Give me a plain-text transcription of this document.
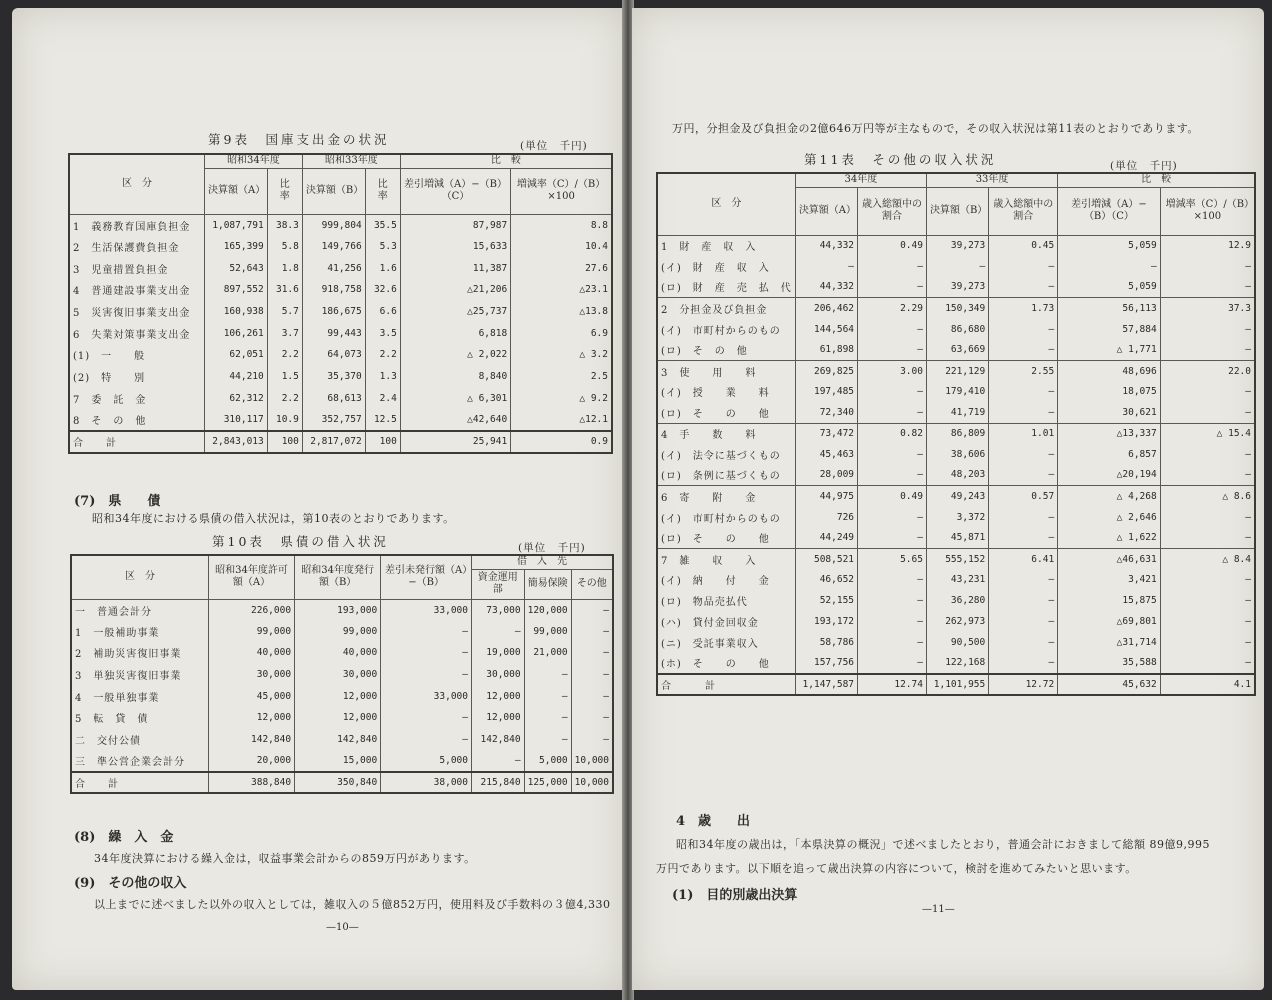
第9表　国庫支出金の状況	(単位　千円)
区　分	昭和34年度		昭和33年度		比　較	
	決算額（A）	比　率	決算額（B）	比　率	差引増減（A）−（B）（C）	増減率（C）/（B）×100
1　義務教育国庫負担金	1,087,791	38.3	999,804	35.5	87,987	8.8
2　生活保護費負担金	165,399	5.8	149,766	5.3	15,633	10.4
3　児童措置負担金	52,643	1.8	41,256	1.6	11,387	27.6
4　普通建設事業支出金	897,552	31.6	918,758	32.6	△21,206	△23.1
5　災害復旧事業支出金	160,938	5.7	186,675	6.6	△25,737	△13.8
6　失業対策事業支出金	106,261	3.7	99,443	3.5	6,818	6.9
(1)　一　　般	62,051	2.2	64,073	2.2	△ 2,022	△ 3.2
(2)　特　　別	44,210	1.5	35,370	1.3	8,840	2.5
7　委　託　金	62,312	2.2	68,613	2.4	△ 6,301	△ 9.2
8　そ　の　他	310,117	10.9	352,757	12.5	△42,640	△12.1
合　　計	2,843,013	100	2,817,072	100	25,941	0.9
(7)　県　　債
昭和34年度における県債の借入状況は，第10表のとおりであります。
第10表　県債の借入状況	(単位　千円)
区　分	昭和34年度許可額（A）	昭和34年度発行額（B）	差引未発行額（A）−（B）	借　入　先		
				資金運用部	簡易保険	その他
一　普通会計分	226,000	193,000	33,000	73,000	120,000	—
1　一般補助事業	99,000	99,000	—	—	99,000	—
2　補助災害復旧事業	40,000	40,000	—	19,000	21,000	—
3　単独災害復旧事業	30,000	30,000	—	30,000	—	—
4　一般単独事業	45,000	12,000	33,000	12,000	—	—
5　転　貸　債	12,000	12,000	—	12,000	—	—
二　交付公債	142,840	142,840	—	142,840	—	—
三　準公営企業会計分	20,000	15,000	5,000	—	5,000	10,000
合　　計	388,840	350,840	38,000	215,840	125,000	10,000
(8)　繰　入　金
34年度決算における繰入金は，収益事業会計からの859万円があります。
(9)　その他の収入
以上までに述べました以外の収入としては，雑収入の５億852万円，使用料及び手数料の３億4,330
—10—
万円，分担金及び負担金の2億646万円等が主なもので，その収入状況は第11表のとおりであります。
第11表　その他の収入状況	(単位　千円)
区　分	34年度		33年度		比　較	
	決算額（A）	歳入総額中の割合	決算額（B）	歳入総額中の割合	差引増減（A）−（B）（C）	増減率（C）/（B）×100
1　財　産　収　入	44,332	0.49	39,273	0.45	5,059	12.9
(イ)　財　産　収　入	—	—	—	—	—	—
(ロ)　財　産　売　払　代	44,332	—	39,273	—	5,059	—
2　分担金及び負担金	206,462	2.29	150,349	1.73	56,113	37.3
(イ)　市町村からのもの	144,564	—	86,680	—	57,884	—
(ロ)　そ　の　他	61,898	—	63,669	—	△ 1,771	—
3　使　　用　　料	269,825	3.00	221,129	2.55	48,696	22.0
(イ)　授　　業　　料	197,485	—	179,410	—	18,075	—
(ロ)　そ　　の　　他	72,340	—	41,719	—	30,621	—
4　手　　数　　料	73,472	0.82	86,809	1.01	△13,337	△ 15.4
(イ)　法令に基づくもの	45,463	—	38,606	—	6,857	—
(ロ)　条例に基づくもの	28,009	—	48,203	—	△20,194	—
6　寄　　附　　金	44,975	0.49	49,243	0.57	△ 4,268	△ 8.6
(イ)　市町村からのもの	726	—	3,372	—	△ 2,646	—
(ロ)　そ　　の　　他	44,249	—	45,871	—	△ 1,622	—
7　雑　　収　　入	508,521	5.65	555,152	6.41	△46,631	△ 8.4
(イ)　納　　付　　金	46,652	—	43,231	—	3,421	—
(ロ)　物品売払代	52,155	—	36,280	—	15,875	—
(ハ)　貸付金回収金	193,172	—	262,973	—	△69,801	—
(ニ)　受託事業収入	58,786	—	90,500	—	△31,714	—
(ホ)　そ　　の　　他	157,756	—	122,168	—	35,588	—
合　　　計	1,147,587	12.74	1,101,955	12.72	45,632	4.1
4　歳　　出
昭和34年度の歳出は，「本県決算の概況」で述べましたとおり，普通会計におきまして総額 89億9,995
万円であります。以下順を追って歳出決算の内容について，検討を進めてみたいと思います。
(1)　目的別歳出決算
—11—
